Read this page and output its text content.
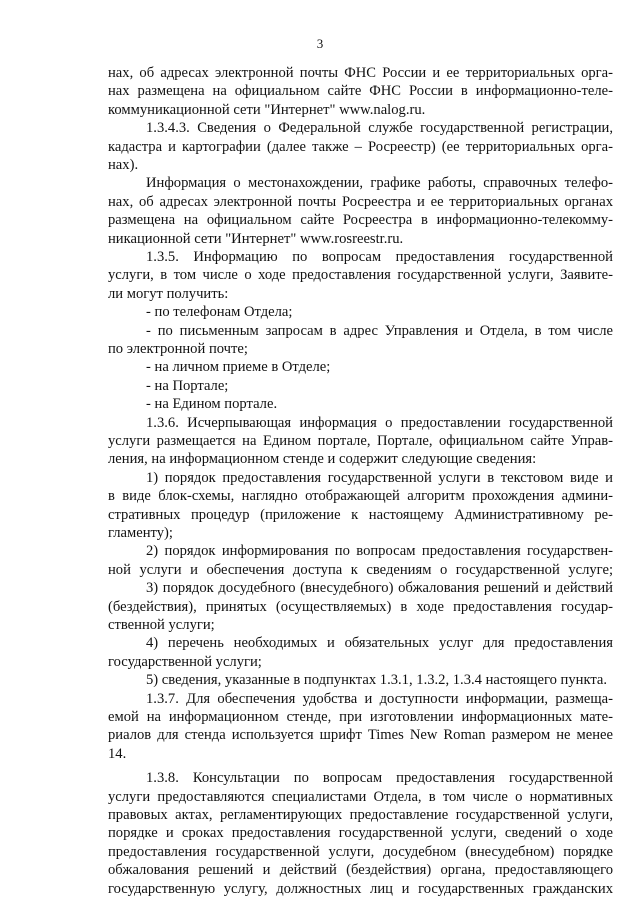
3
нах, об адресах электронной почты ФНС России и ее территориальных орга-
нах размещена на официальном сайте ФНС России в информационно-теле-
коммуникационной сети "Интернет" www.nalog.ru.
1.3.4.3. Сведения о Федеральной службе государственной регистрации,
кадастра и картографии (далее также – Росреестр) (ее территориальных орга-
нах).
Информация о местонахождении, графике работы, справочных телефо-
нах, об адресах электронной почты Росреестра и ее территориальных органах
размещена на официальном сайте Росреестра в информационно-телекомму-
никационной сети "Интернет" www.rosreestr.ru.
1.3.5. Информацию по вопросам предоставления государственной
услуги, в том числе о ходе предоставления государственной услуги, Заявите-
ли могут получить:
- по телефонам Отдела;
- по письменным запросам в адрес Управления и Отдела, в том числе
по электронной почте;
- на личном приеме в Отделе;
- на Портале;
- на Едином портале.
1.3.6. Исчерпывающая информация о предоставлении государственной
услуги размещается на Едином портале, Портале, официальном сайте Управ-
ления, на информационном стенде и содержит следующие сведения:
1) порядок предоставления государственной услуги в текстовом виде и
в виде блок-схемы, наглядно отображающей алгоритм прохождения админи-
стративных процедур (приложение к настоящему Административному ре-
гламенту);
2) порядок информирования по вопросам предоставления государствен-
ной услуги и обеспечения доступа к сведениям о государственной услуге;
3) порядок досудебного (внесудебного) обжалования решений и действий
(бездействия), принятых (осуществляемых) в ходе предоставления государ-
ственной услуги;
4) перечень необходимых и обязательных услуг для предоставления
государственной услуги;
5) сведения, указанные в подпунктах 1.3.1, 1.3.2, 1.3.4 настоящего пункта.
1.3.7. Для обеспечения удобства и доступности информации, размеща-
емой на информационном стенде, при изготовлении информационных мате-
риалов для стенда используется шрифт Times New Roman размером не менее
14.
1.3.8. Консультации по вопросам предоставления государственной
услуги предоставляются специалистами Отдела, в том числе о нормативных
правовых актах, регламентирующих предоставление государственной услуги,
порядке и сроках предоставления государственной услуги, сведений о ходе
предоставления государственной услуги, досудебном (внесудебном) порядке
обжалования решений и действий (бездействия) органа, предоставляющего
государственную услугу, должностных лиц и государственных гражданских
